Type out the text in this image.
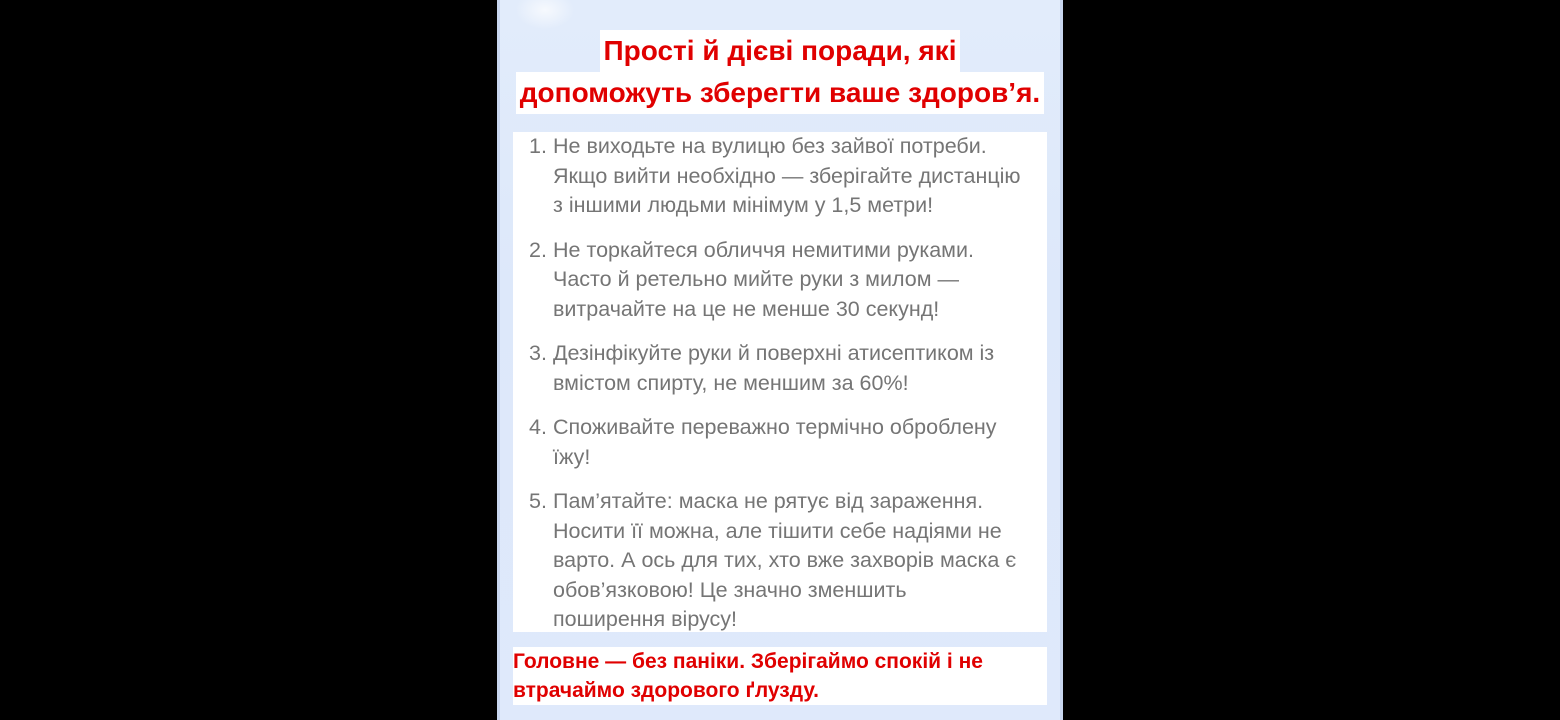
Прості й дієві поради, які
допоможуть зберегти ваше здоров’я.
1. Не виходьте на вулицю без зайвої потреби.
Якщо вийти необхідно — зберігайте дистанцію
з іншими людьми мінімум у 1,5 метри!
2. Не торкайтеся обличчя немитими руками.
Часто й ретельно мийте руки з милом —
витрачайте на це не менше 30 секунд!
3. Дезінфікуйте руки й поверхні атисептиком із
вмістом спирту, не меншим за 60%!
4. Споживайте переважно термічно оброблену
їжу!
5. Пам’ятайте: маска не рятує від зараження.
Носити її можна, але тішити себе надіями не
варто. А ось для тих, хто вже захворів маска є
обов’язковою! Це значно зменшить
поширення вірусу!
Головне — без паніки. Зберігаймо спокій і не
втрачаймо здорового ґлузду.
